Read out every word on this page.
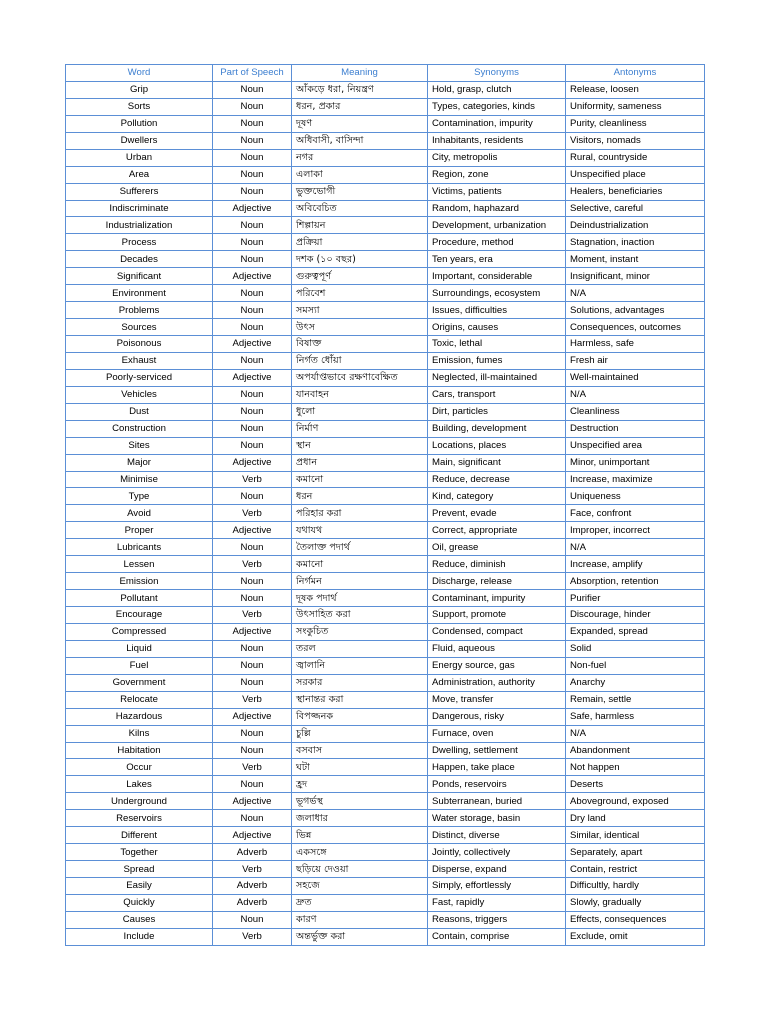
Word	Part of Speech	Meaning	Synonyms	Antonyms
Grip	Noun	আঁকড়ে ধরা, নিয়ন্ত্রণ	Hold, grasp, clutch	Release, loosen
Sorts	Noun	ধরন, প্রকার	Types, categories, kinds	Uniformity, sameness
Pollution	Noun	দূষণ	Contamination, impurity	Purity, cleanliness
Dwellers	Noun	অধিবাসী, বাসিন্দা	Inhabitants, residents	Visitors, nomads
Urban	Noun	নগর	City, metropolis	Rural, countryside
Area	Noun	এলাকা	Region, zone	Unspecified place
Sufferers	Noun	ভুক্তভোগী	Victims, patients	Healers, beneficiaries
Indiscriminate	Adjective	অবিবেচিত	Random, haphazard	Selective, careful
Industrialization	Noun	শিল্পায়ন	Development, urbanization	Deindustrialization
Process	Noun	প্রক্রিয়া	Procedure, method	Stagnation, inaction
Decades	Noun	দশক (১০ বছর)	Ten years, era	Moment, instant
Significant	Adjective	গুরুত্বপূর্ণ	Important, considerable	Insignificant, minor
Environment	Noun	পরিবেশ	Surroundings, ecosystem	N/A
Problems	Noun	সমস্যা	Issues, difficulties	Solutions, advantages
Sources	Noun	উৎস	Origins, causes	Consequences, outcomes
Poisonous	Adjective	বিষাক্ত	Toxic, lethal	Harmless, safe
Exhaust	Noun	নির্গত ধোঁয়া	Emission, fumes	Fresh air
Poorly-serviced	Adjective	অপর্যাপ্তভাবে রক্ষণাবেক্ষিত	Neglected, ill-maintained	Well-maintained
Vehicles	Noun	যানবাহন	Cars, transport	N/A
Dust	Noun	ধুলো	Dirt, particles	Cleanliness
Construction	Noun	নির্মাণ	Building, development	Destruction
Sites	Noun	স্থান	Locations, places	Unspecified area
Major	Adjective	প্রধান	Main, significant	Minor, unimportant
Minimise	Verb	কমানো	Reduce, decrease	Increase, maximize
Type	Noun	ধরন	Kind, category	Uniqueness
Avoid	Verb	পরিহার করা	Prevent, evade	Face, confront
Proper	Adjective	যথাযথ	Correct, appropriate	Improper, incorrect
Lubricants	Noun	তৈলাক্ত পদার্থ	Oil, grease	N/A
Lessen	Verb	কমানো	Reduce, diminish	Increase, amplify
Emission	Noun	নির্গমন	Discharge, release	Absorption, retention
Pollutant	Noun	দূষক পদার্থ	Contaminant, impurity	Purifier
Encourage	Verb	উৎসাহিত করা	Support, promote	Discourage, hinder
Compressed	Adjective	সংকুচিত	Condensed, compact	Expanded, spread
Liquid	Noun	তরল	Fluid, aqueous	Solid
Fuel	Noun	জ্বালানি	Energy source, gas	Non-fuel
Government	Noun	সরকার	Administration, authority	Anarchy
Relocate	Verb	স্থানান্তর করা	Move, transfer	Remain, settle
Hazardous	Adjective	বিপজ্জনক	Dangerous, risky	Safe, harmless
Kilns	Noun	চুল্লি	Furnace, oven	N/A
Habitation	Noun	বসবাস	Dwelling, settlement	Abandonment
Occur	Verb	ঘটা	Happen, take place	Not happen
Lakes	Noun	হ্রদ	Ponds, reservoirs	Deserts
Underground	Adjective	ভূগর্ভস্থ	Subterranean, buried	Aboveground, exposed
Reservoirs	Noun	জলাধার	Water storage, basin	Dry land
Different	Adjective	ভিন্ন	Distinct, diverse	Similar, identical
Together	Adverb	একসঙ্গে	Jointly, collectively	Separately, apart
Spread	Verb	ছড়িয়ে দেওয়া	Disperse, expand	Contain, restrict
Easily	Adverb	সহজে	Simply, effortlessly	Difficultly, hardly
Quickly	Adverb	দ্রুত	Fast, rapidly	Slowly, gradually
Causes	Noun	কারণ	Reasons, triggers	Effects, consequences
Include	Verb	অন্তর্ভুক্ত করা	Contain, comprise	Exclude, omit
